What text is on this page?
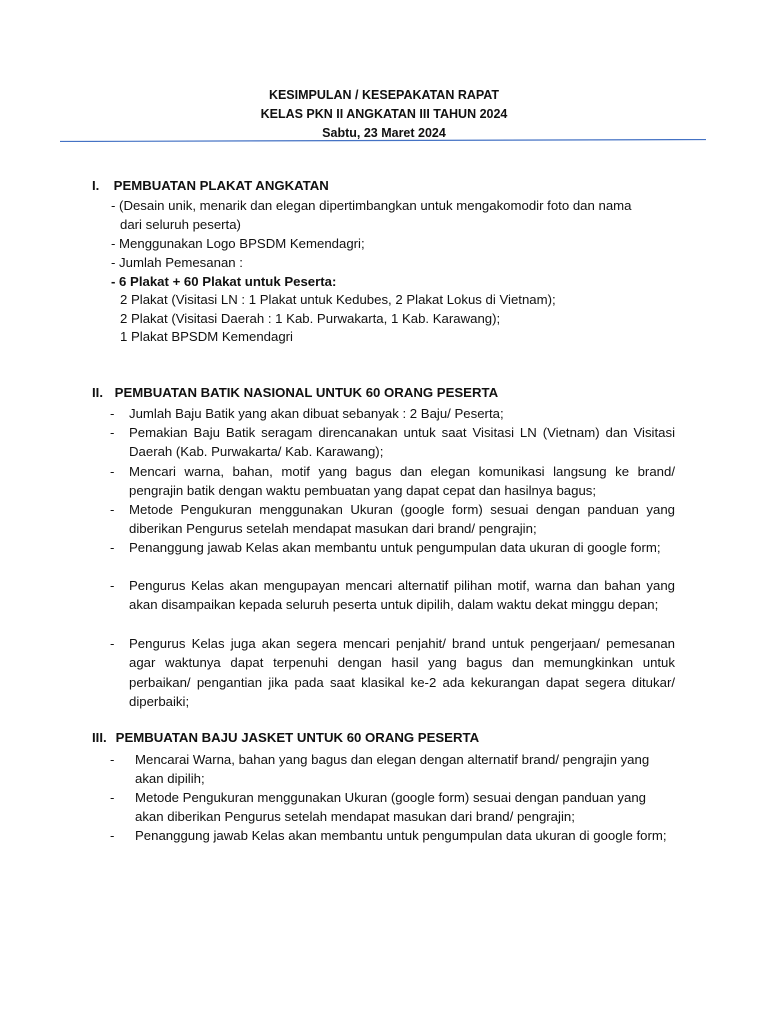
KESIMPULAN / KESEPAKATAN RAPAT
KELAS PKN II ANGKATAN III TAHUN 2024
Sabtu, 23 Maret 2024
I. PEMBUATAN PLAKAT ANGKATAN
- (Desain unik, menarik dan elegan dipertimbangkan untuk mengakomodir foto dan nama
dari seluruh peserta)
- Menggunakan Logo BPSDM Kemendagri;
- Jumlah Pemesanan :
- 6 Plakat + 60 Plakat untuk Peserta:
2 Plakat (Visitasi LN : 1 Plakat untuk Kedubes, 2 Plakat Lokus di Vietnam);
2 Plakat (Visitasi Daerah : 1 Kab. Purwakarta, 1 Kab. Karawang);
1 Plakat BPSDM Kemendagri
II. PEMBUATAN BATIK NASIONAL UNTUK 60 ORANG PESERTA
- Jumlah Baju Batik yang akan dibuat sebanyak : 2 Baju/ Peserta;
- Pemakian Baju Batik seragam direncanakan untuk saat Visitasi LN (Vietnam) dan Visitasi Daerah (Kab. Purwakarta/ Kab. Karawang);
- Mencari warna, bahan, motif yang bagus dan elegan komunikasi langsung ke brand/ pengrajin batik dengan waktu pembuatan yang dapat cepat dan hasilnya bagus;
- Metode Pengukuran menggunakan Ukuran (google form) sesuai dengan panduan yang diberikan Pengurus setelah mendapat masukan dari brand/ pengrajin;
- Penanggung jawab Kelas akan membantu untuk pengumpulan data ukuran di google form;
- Pengurus Kelas akan mengupayan mencari alternatif pilihan motif, warna dan bahan yang akan disampaikan kepada seluruh peserta untuk dipilih, dalam waktu dekat minggu depan;
- Pengurus Kelas juga akan segera mencari penjahit/ brand untuk pengerjaan/ pemesanan agar waktunya dapat terpenuhi dengan hasil yang bagus dan memungkinkan untuk perbaikan/ pengantian jika pada saat klasikal ke-2 ada kekurangan dapat segera ditukar/ diperbaiki;
III. PEMBUATAN BAJU JASKET UNTUK 60 ORANG PESERTA
- Mencarai Warna, bahan yang bagus dan elegan dengan alternatif brand/ pengrajin yang akan dipilih;
- Metode Pengukuran menggunakan Ukuran (google form) sesuai dengan panduan yang akan diberikan Pengurus setelah mendapat masukan dari brand/ pengrajin;
- Penanggung jawab Kelas akan membantu untuk pengumpulan data ukuran di google form;
